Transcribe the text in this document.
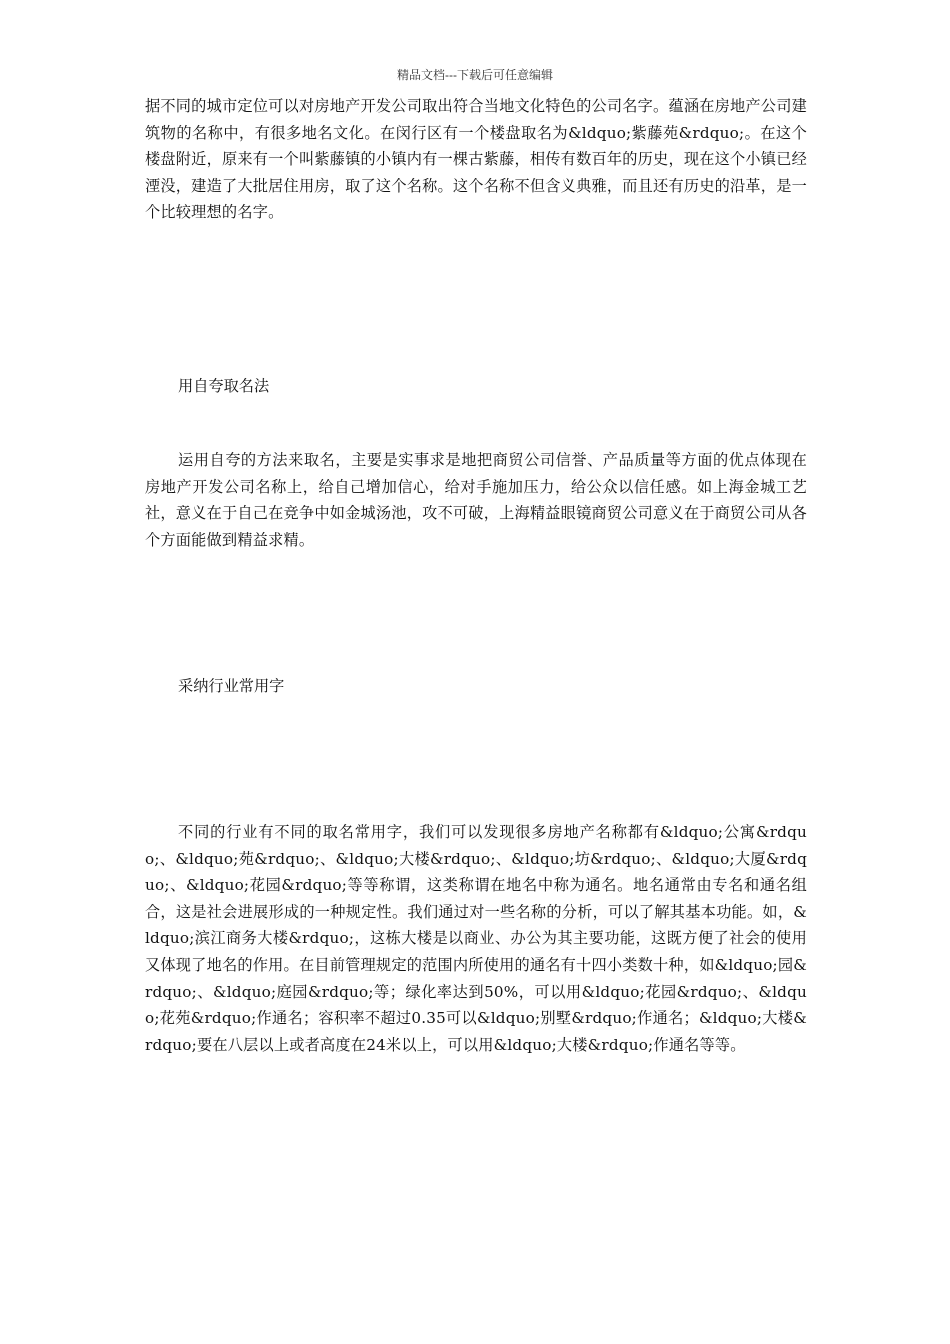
精品文档---下载后可任意编辑

据不同的城市定位可以对房地产开发公司取出符合当地文化特色的公司名字。蕴涵在房地产公司建筑物的名称中，有很多地名文化。在闵行区有一个楼盘取名为&ldquo;紫藤苑&rdquo;。在这个楼盘附近，原来有一个叫紫藤镇的小镇内有一棵古紫藤，相传有数百年的历史，现在这个小镇已经湮没，建造了大批居住用房，取了这个名称。这个名称不但含义典雅，而且还有历史的沿革，是一个比较理想的名字。

用自夸取名法

运用自夸的方法来取名，主要是实事求是地把商贸公司信誉、产品质量等方面的优点体现在房地产开发公司名称上，给自己增加信心，给对手施加压力，给公众以信任感。如上海金城工艺社，意义在于自己在竞争中如金城汤池，攻不可破，上海精益眼镜商贸公司意义在于商贸公司从各个方面能做到精益求精。

采纳行业常用字

不同的行业有不同的取名常用字，我们可以发现很多房地产名称都有&ldquo;公寓&rdquo;、&ldquo;苑&rdquo;、&ldquo;大楼&rdquo;、&ldquo;坊&rdquo;、&ldquo;大厦&rdquo;、&ldquo;花园&rdquo;等等称谓，这类称谓在地名中称为通名。地名通常由专名和通名组合，这是社会进展形成的一种规定性。我们通过对一些名称的分析，可以了解其基本功能。如，&ldquo;滨江商务大楼&rdquo;，这栋大楼是以商业、办公为其主要功能，这既方便了社会的使用又体现了地名的作用。在目前管理规定的范围内所使用的通名有十四小类数十种，如&ldquo;园&rdquo;、&ldquo;庭园&rdquo;等；绿化率达到50%，可以用&ldquo;花园&rdquo;、&ldquo;花苑&rdquo;作通名；容积率不超过0.35可以&ldquo;别墅&rdquo;作通名；&ldquo;大楼&rdquo;要在八层以上或者高度在24米以上，可以用&ldquo;大楼&rdquo;作通名等等。
